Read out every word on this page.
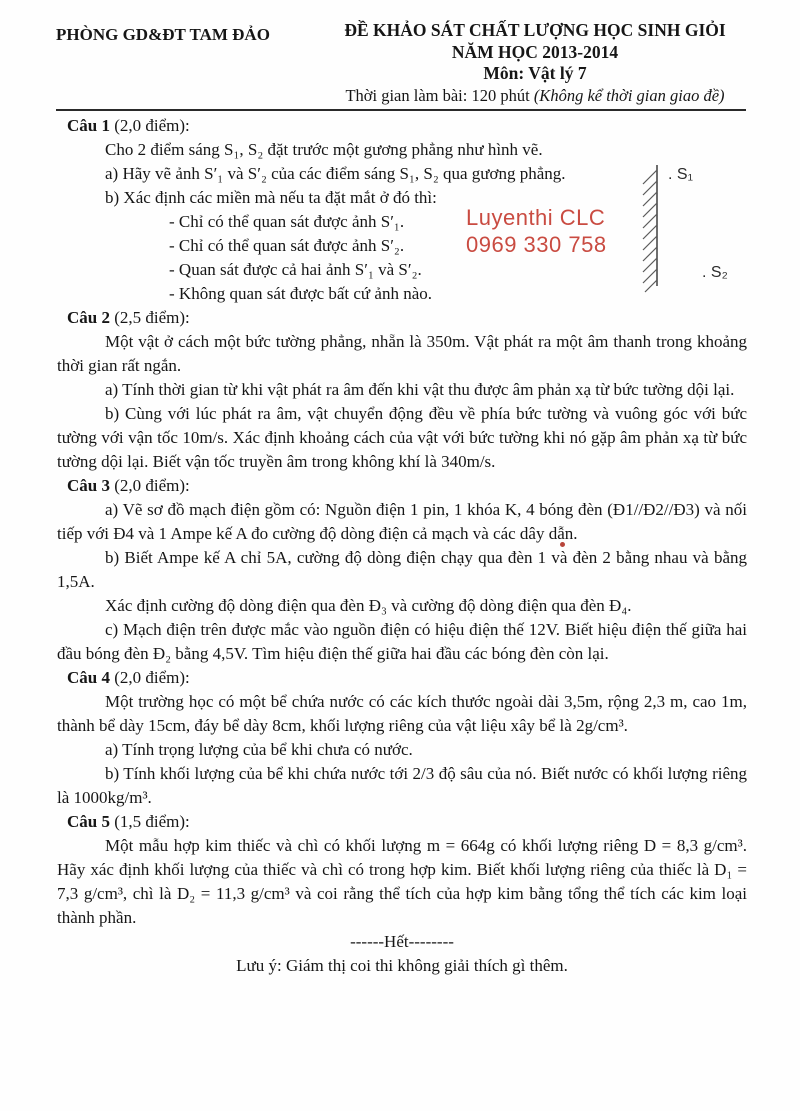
PHÒNG GD&ĐT TAM ĐẢO	ĐỀ KHẢO SÁT CHẤT LƯỢNG HỌC SINH GIỎI
NĂM HỌC 2013-2014
Môn: Vật lý 7
Thời gian làm bài: 120 phút (Không kể thời gian giao đề)
Câu 1 (2,0 điểm):

Cho 2 điểm sáng S₁, S₂ đặt trước một gương phẳng như hình vẽ.

a) Hãy vẽ ảnh S′₁ và S′₂ của các điểm sáng S₁, S₂ qua gương phẳng.

b) Xác định các miền mà nếu ta đặt mắt ở đó thì:

- Chỉ có thể quan sát được ảnh S′₁.

- Chỉ có thể quan sát được ảnh S′₂.

- Quan sát được cả hai ảnh S′₁ và S′₂.

- Không quan sát được bất cứ ảnh nào.

Câu 2 (2,5 điểm):

Một vật ở cách một bức tường phẳng, nhẵn là 350m. Vật phát ra một âm thanh trong khoảng thời gian rất ngắn.

a) Tính thời gian từ khi vật phát ra âm đến khi vật thu được âm phản xạ từ bức tường dội lại.

b) Cùng với lúc phát ra âm, vật chuyển động đều về phía bức tường và vuông góc với bức tường với vận tốc 10m/s. Xác định khoảng cách của vật với bức tường khi nó gặp âm phản xạ từ bức tường dội lại. Biết vận tốc truyền âm trong không khí là 340m/s.

Câu 3 (2,0 điểm):

a) Vẽ sơ đồ mạch điện gồm có: Nguồn điện 1 pin, 1 khóa K, 4 bóng đèn (Đ1//Đ2//Đ3) và nối tiếp với Đ4 và 1 Ampe kế A đo cường độ dòng điện cả mạch và các dây dẫn.

b) Biết Ampe kế A chỉ 5A, cường độ dòng điện chạy qua đèn 1 và đèn 2 bằng nhau và bằng 1,5A.

Xác định cường độ dòng điện qua đèn Đ₃ và cường độ dòng điện qua đèn Đ₄.

c) Mạch điện trên được mắc vào nguồn điện có hiệu điện thế 12V. Biết hiệu điện thế giữa hai đầu bóng đèn Đ₂ bằng 4,5V. Tìm hiệu điện thế giữa hai đầu các bóng đèn còn lại.

Câu 4 (2,0 điểm):

Một trường học có một bể chứa nước có các kích thước ngoài dài 3,5m, rộng 2,3 m, cao 1m, thành bể dày 15cm, đáy bể dày 8cm, khối lượng riêng của vật liệu xây bể là 2g/cm³.

a) Tính trọng lượng của bể khi chưa có nước.

b) Tính khối lượng của bể khi chứa nước tới 2/3 độ sâu của nó. Biết nước có khối lượng riêng là 1000kg/m³.

Câu 5 (1,5 điểm):

Một mẫu hợp kim thiếc và chì có khối lượng m = 664g có khối lượng riêng D = 8,3 g/cm³. Hãy xác định khối lượng của thiếc và chì có trong hợp kim. Biết khối lượng riêng của thiếc là D₁ = 7,3 g/cm³, chì là D₂ = 11,3 g/cm³ và coi rằng thể tích của hợp kim bằng tổng thể tích các kim loại thành phần.

------Hết--------

Lưu ý: Giám thị coi thi không giải thích gì thêm.

Luyenthi CLC
0969 330 758
. S₁
. S₂
